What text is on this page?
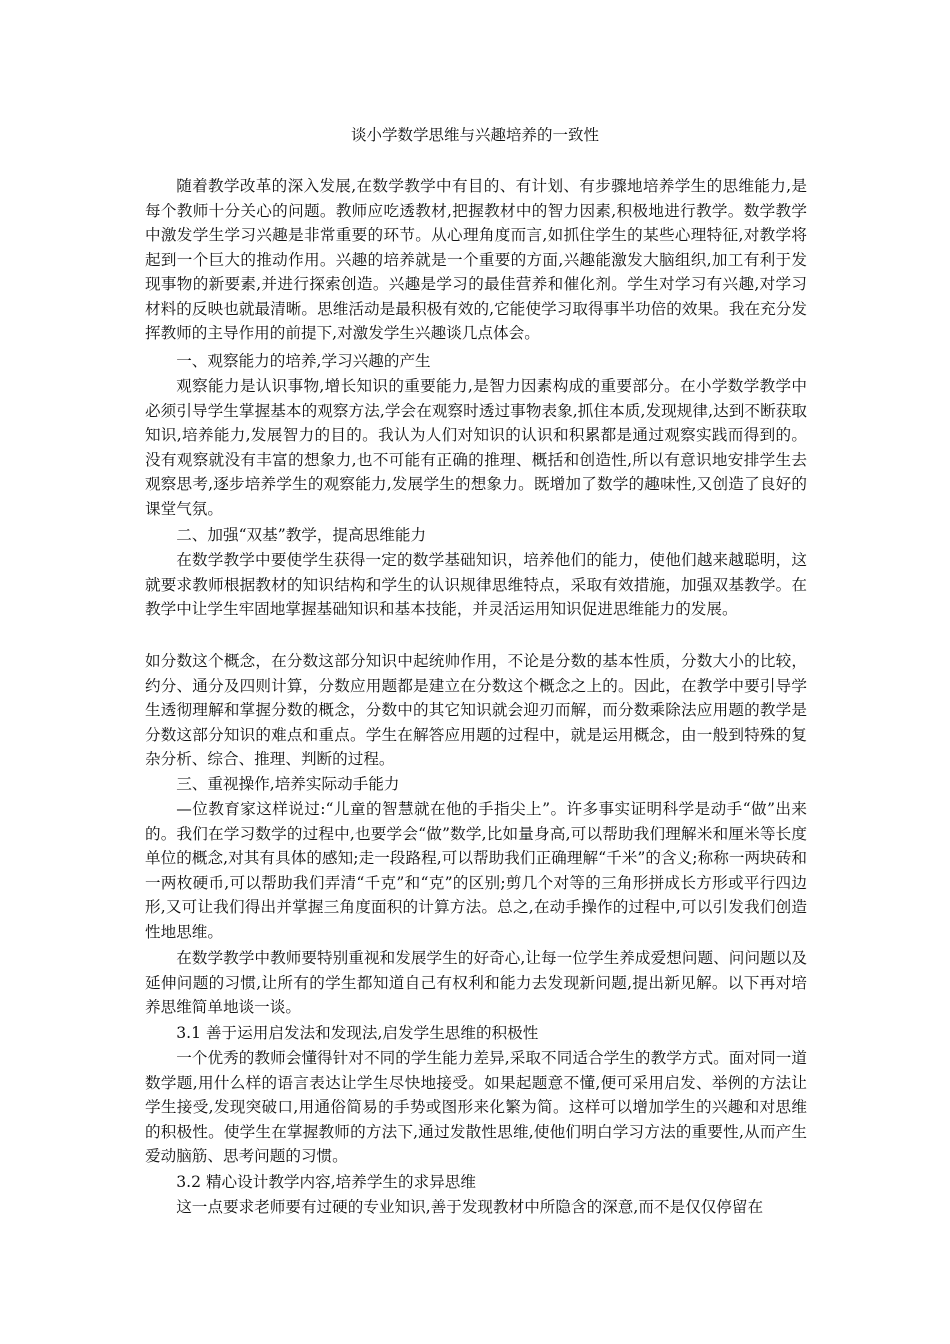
谈小学数学思维与兴趣培养的一致性

随着教学改革的深入发展,在数学教学中有目的、有计划、有步骤地培养学生的思维能力,是每个教师十分关心的问题。教师应吃透教材,把握教材中的智力因素,积极地进行教学。数学教学中激发学生学习兴趣是非常重要的环节。从心理角度而言,如抓住学生的某些心理特征,对教学将起到一个巨大的推动作用。兴趣的培养就是一个重要的方面,兴趣能激发大脑组织,加工有利于发现事物的新要素,并进行探索创造。兴趣是学习的最佳营养和催化剂。学生对学习有兴趣,对学习材料的反映也就最清晰。思维活动是最积极有效的,它能使学习取得事半功倍的效果。我在充分发挥教师的主导作用的前提下,对激发学生兴趣谈几点体会。

一、观察能力的培养,学习兴趣的产生

观察能力是认识事物,增长知识的重要能力,是智力因素构成的重要部分。在小学数学教学中必须引导学生掌握基本的观察方法,学会在观察时透过事物表象,抓住本质,发现规律,达到不断获取知识,培养能力,发展智力的目的。我认为人们对知识的认识和积累都是通过观察实践而得到的。没有观察就没有丰富的想象力,也不可能有正确的推理、概括和创造性,所以有意识地安排学生去观察思考,逐步培养学生的观察能力,发展学生的想象力。既增加了数学的趣味性,又创造了良好的课堂气氛。

二、加强“双基”教学，提高思维能力

在数学教学中要使学生获得一定的数学基础知识，培养他们的能力，使他们越来越聪明，这就要求教师根据教材的知识结构和学生的认识规律思维特点，采取有效措施，加强双基教学。在教学中让学生牢固地掌握基础知识和基本技能，并灵活运用知识促进思维能力的发展。

如分数这个概念，在分数这部分知识中起统帅作用，不论是分数的基本性质，分数大小的比较，约分、通分及四则计算，分数应用题都是建立在分数这个概念之上的。因此，在教学中要引导学生透彻理解和掌握分数的概念，分数中的其它知识就会迎刃而解，而分数乘除法应用题的教学是分数这部分知识的难点和重点。学生在解答应用题的过程中，就是运用概念，由一般到特殊的复杂分析、综合、推理、判断的过程。

三、重视操作,培养实际动手能力

—位教育家这样说过:“儿童的智慧就在他的手指尖上”。许多事实证明科学是动手“做”出来的。我们在学习数学的过程中,也要学会“做”数学,比如量身高,可以帮助我们理解米和厘米等长度单位的概念,对其有具体的感知;走一段路程,可以帮助我们正确理解“千米”的含义;称称一两块砖和一两枚硬币,可以帮助我们弄清“千克”和“克”的区别;剪几个对等的三角形拼成长方形或平行四边形,又可让我们得出并掌握三角度面积的计算方法。总之,在动手操作的过程中,可以引发我们创造性地思维。

在数学教学中教师要特别重视和发展学生的好奇心,让每一位学生养成爱想问题、问问题以及延伸问题的习惯,让所有的学生都知道自己有权利和能力去发现新问题,提出新见解。以下再对培养思维简单地谈一谈。

3.1 善于运用启发法和发现法,启发学生思维的积极性

一个优秀的教师会懂得针对不同的学生能力差异,采取不同适合学生的教学方式。面对同一道数学题,用什么样的语言表达让学生尽快地接受。如果起题意不懂,便可采用启发、举例的方法让学生接受,发现突破口,用通俗简易的手势或图形来化繁为简。这样可以增加学生的兴趣和对思维的积极性。使学生在掌握教师的方法下,通过发散性思维,使他们明白学习方法的重要性,从而产生爱动脑筋、思考问题的习惯。

3.2 精心设计教学内容,培养学生的求异思维

这一点要求老师要有过硬的专业知识,善于发现教材中所隐含的深意,而不是仅仅停留在
